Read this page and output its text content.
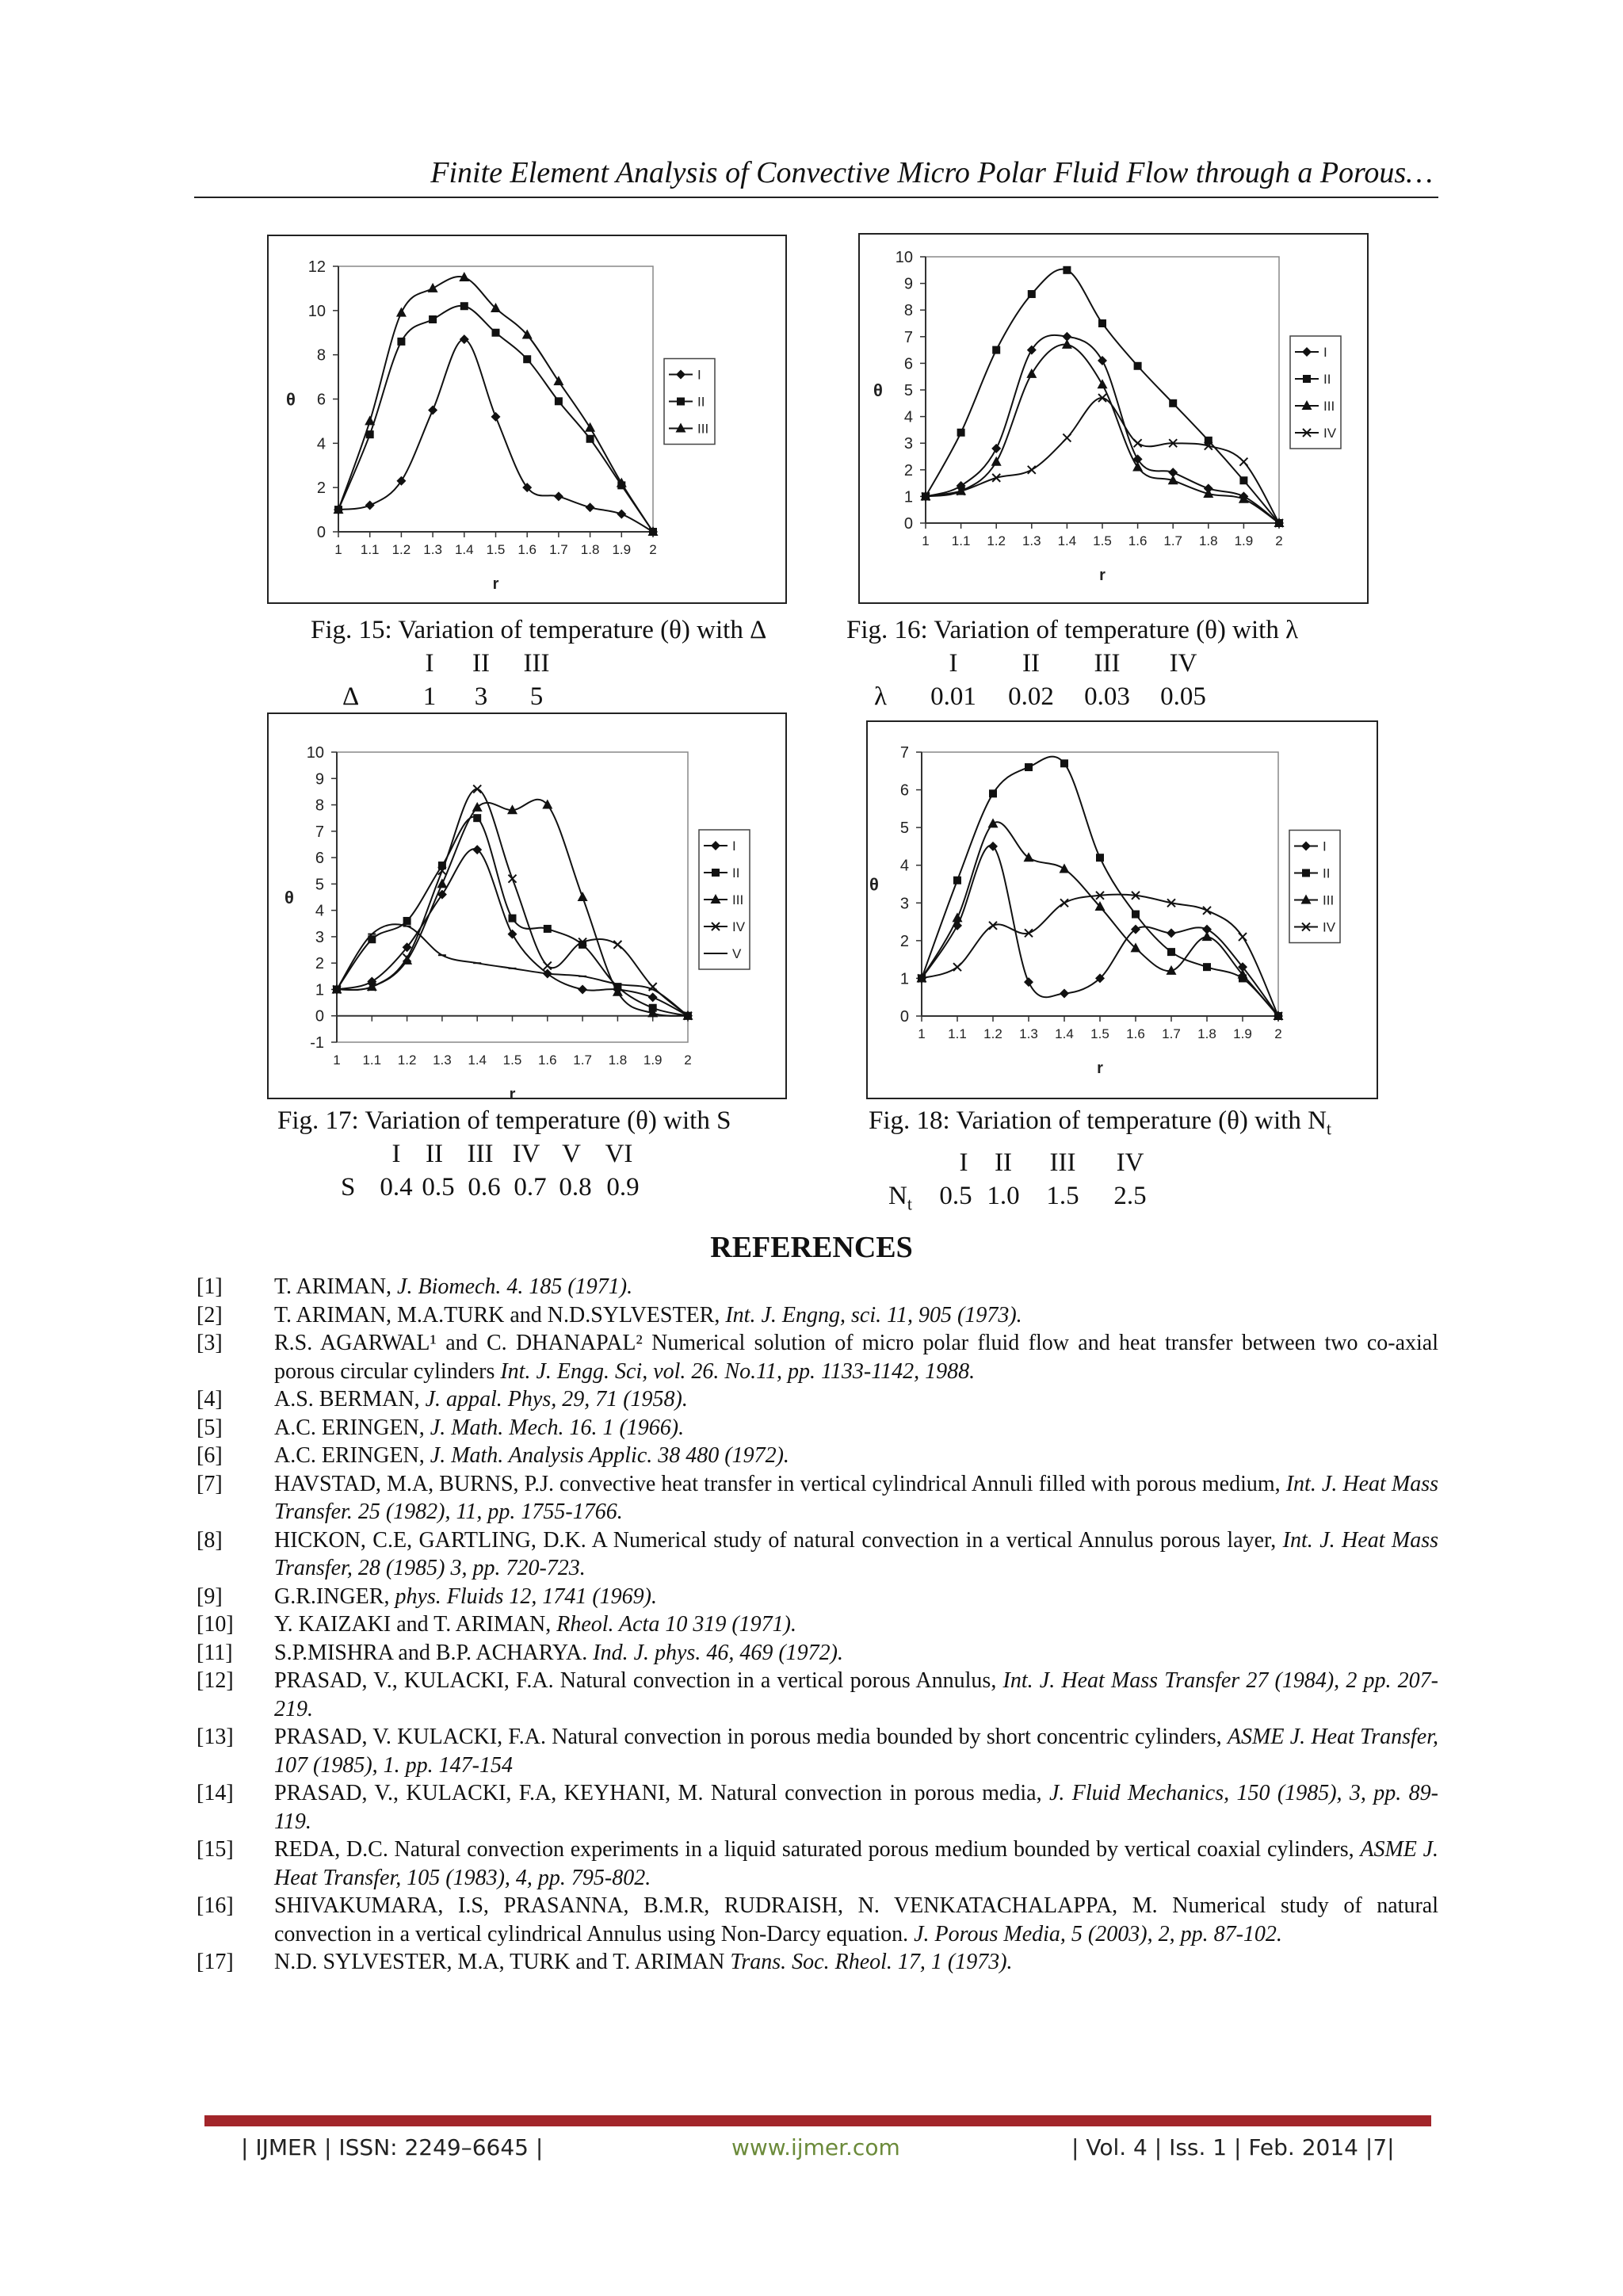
Finite Element Analysis of Convective Micro Polar Fluid Flow through a Porous…
0
2
4
6
8
10
12
1 1.1 1.2 1.3 1.4 1.5 1.6 1.7 1.8 1.9 2
r
θ
I
II
III
Fig. 15: Variation of temperature (θ) with Δ
I II III
Δ 1 3 5
0
1
2
3
4
5
6
7
8
9
10
1 1.1 1.2 1.3 1.4 1.5 1.6 1.7 1.8 1.9 2
r
θ
I
II
III
IV
Fig. 16: Variation of temperature (θ) with λ
I II III IV
λ 0.01 0.02 0.03 0.05
-1
0
1
2
3
4
5
6
7
8
9
10
1 1.1 1.2 1.3 1.4 1.5 1.6 1.7 1.8 1.9 2
r
θ
I
II
III
IV
V
Fig. 17: Variation of temperature (θ) with S
I II III IV V VI
S 0.4 0.5 0.6 0.7 0.8 0.9
0
1
2
3
4
5
6
7
1 1.1 1.2 1.3 1.4 1.5 1.6 1.7 1.8 1.9 2
r
θ
I
II
III
IV
Fig. 18: Variation of temperature (θ) with $N_t$
I II III IV
$N_t$ 0.5 1.0 1.5 2.5
REFERENCES
[1] T. ARIMAN, J. Biomech. 4. 185 (1971).
[2] T. ARIMAN, M.A.TURK and N.D.SYLVESTER, Int. J. Engng, sci. 11, 905 (1973).
[3] R.S. AGARWAL¹ and C. DHANAPAL² Numerical solution of micro polar fluid flow and heat transfer between two co-axial porous circular cylinders Int. J. Engg. Sci, vol. 26. No.11, pp. 1133-1142, 1988.
[4] A.S. BERMAN, J. appal. Phys, 29, 71 (1958).
[5] A.C. ERINGEN, J. Math. Mech. 16. 1 (1966).
[6] A.C. ERINGEN, J. Math. Analysis Applic. 38 480 (1972).
[7] HAVSTAD, M.A, BURNS, P.J. convective heat transfer in vertical cylindrical Annuli filled with porous medium, Int. J. Heat Mass Transfer. 25 (1982), 11, pp. 1755-1766.
[8] HICKON, C.E, GARTLING, D.K. A Numerical study of natural convection in a vertical Annulus porous layer, Int. J. Heat Mass Transfer, 28 (1985) 3, pp. 720-723.
[9] G.R.INGER, phys. Fluids 12, 1741 (1969).
[10] Y. KAIZAKI and T. ARIMAN, Rheol. Acta 10 319 (1971).
[11] S.P.MISHRA and B.P. ACHARYA. Ind. J. phys. 46, 469 (1972).
[12] PRASAD, V., KULACKI, F.A. Natural convection in a vertical porous Annulus, Int. J. Heat Mass Transfer 27 (1984), 2 pp. 207-219.
[13] PRASAD, V. KULACKI, F.A. Natural convection in porous media bounded by short concentric cylinders, ASME J. Heat Transfer, 107 (1985), 1. pp. 147-154
[14] PRASAD, V., KULACKI, F.A, KEYHANI, M. Natural convection in porous media, J. Fluid Mechanics, 150 (1985), 3, pp. 89-119.
[15] REDA, D.C. Natural convection experiments in a liquid saturated porous medium bounded by vertical coaxial cylinders, ASME J. Heat Transfer, 105 (1983), 4, pp. 795-802.
[16] SHIVAKUMARA, I.S, PRASANNA, B.M.R, RUDRAISH, N. VENKATACHALAPPA, M. Numerical study of natural convection in a vertical cylindrical Annulus using Non-Darcy equation. J. Porous Media, 5 (2003), 2, pp. 87-102.
[17] N.D. SYLVESTER, M.A, TURK and T. ARIMAN Trans. Soc. Rheol. 17, 1 (1973).
| IJMER | ISSN: 2249–6645 |	www.ijmer.com	| Vol. 4 | Iss. 1 | Feb. 2014 |7|
